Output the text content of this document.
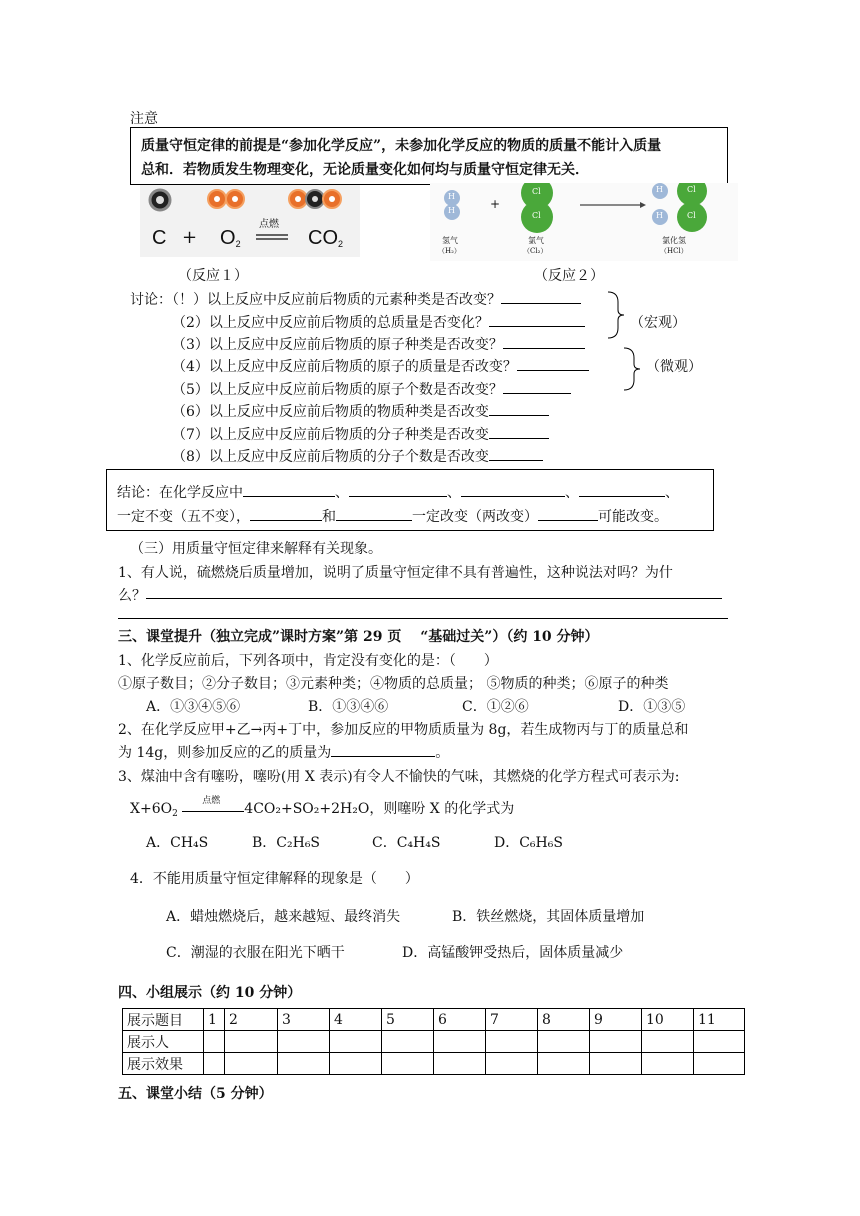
注意
质量守恒定律的前提是“参加化学反应”，未参加化学反应的物质的质量不能计入质量
总和．若物质发生物理变化，无论质量变化如何均与质量守恒定律无关．
$C + O_2$
点燃
$CO_2$
H
H	+
Cl
Cl
H	Cl
H	Cl
氢气
（H₂）
氯气
（Cl₂）
氯化氢
（HCl）
（反应１）	（反应２）
讨论：（！）以上反应中反应前后物质的元素种类是否改变？
（2）以上反应中反应前后物质的总质量是否变化？
（3）以上反应中反应前后物质的原子种类是否改变？
（4）以上反应中反应前后物质的原子的质量是否改变？
（5）以上反应中反应前后物质的原子个数是否改变？
（6）以上反应中反应前后物质的物质种类是否改变
（7）以上反应中反应前后物质的分子种类是否改变
（8）以上反应中反应前后物质的分子个数是否改变
（宏观）
（微观）
结论：在化学反应中	、	、	、	、
一定不变（五不变），	和	一定改变（两改变）	可能改变。
（三）用质量守恒定律来解释有关现象。
1、有人说，硫燃烧后质量增加，说明了质量守恒定律不具有普遍性，这种说法对吗？为什
么？
三、课堂提升（独立完成”课时方案”第 29 页　 “基础过关”）（约 10 分钟）
1、化学反应前后，下列各项中，肯定没有变化的是：（　　）
①原子数目；②分子数目；③元素种类；④物质的总质量； ⑤物质的种类；⑥原子的种类
A．①③④⑤⑥	B．①③④⑥	C．①②⑥	D．①③⑤
2、在化学反应甲+乙→丙+丁中，参加反应的甲物质质量为 8g，若生成物丙与丁的质量总和
为 14g，则参加反应的乙的质量为	。
3、煤油中含有噻吩，噻吩(用 X 表示)有令人不愉快的气味，其燃烧的化学方程式可表示为:
$X+6O_2$
点燃 4CO₂+SO₂+2H₂O，则噻吩 X 的化学式为
A．CH₄S	B．C₂H₆S	C．C₄H₄S	D．C₆H₆S
4．不能用质量守恒定律解释的现象是（　　）
A．蜡烛燃烧后，越来越短、最终消失	B．铁丝燃烧，其固体质量增加
C．潮湿的衣服在阳光下晒干	D．高锰酸钾受热后，固体质量减少
四、小组展示（约 10 分钟）
展示题目	1	2	3	4	5	6	7	8	9	10	11
展示人											
展示效果											
五、课堂小结（5 分钟）
